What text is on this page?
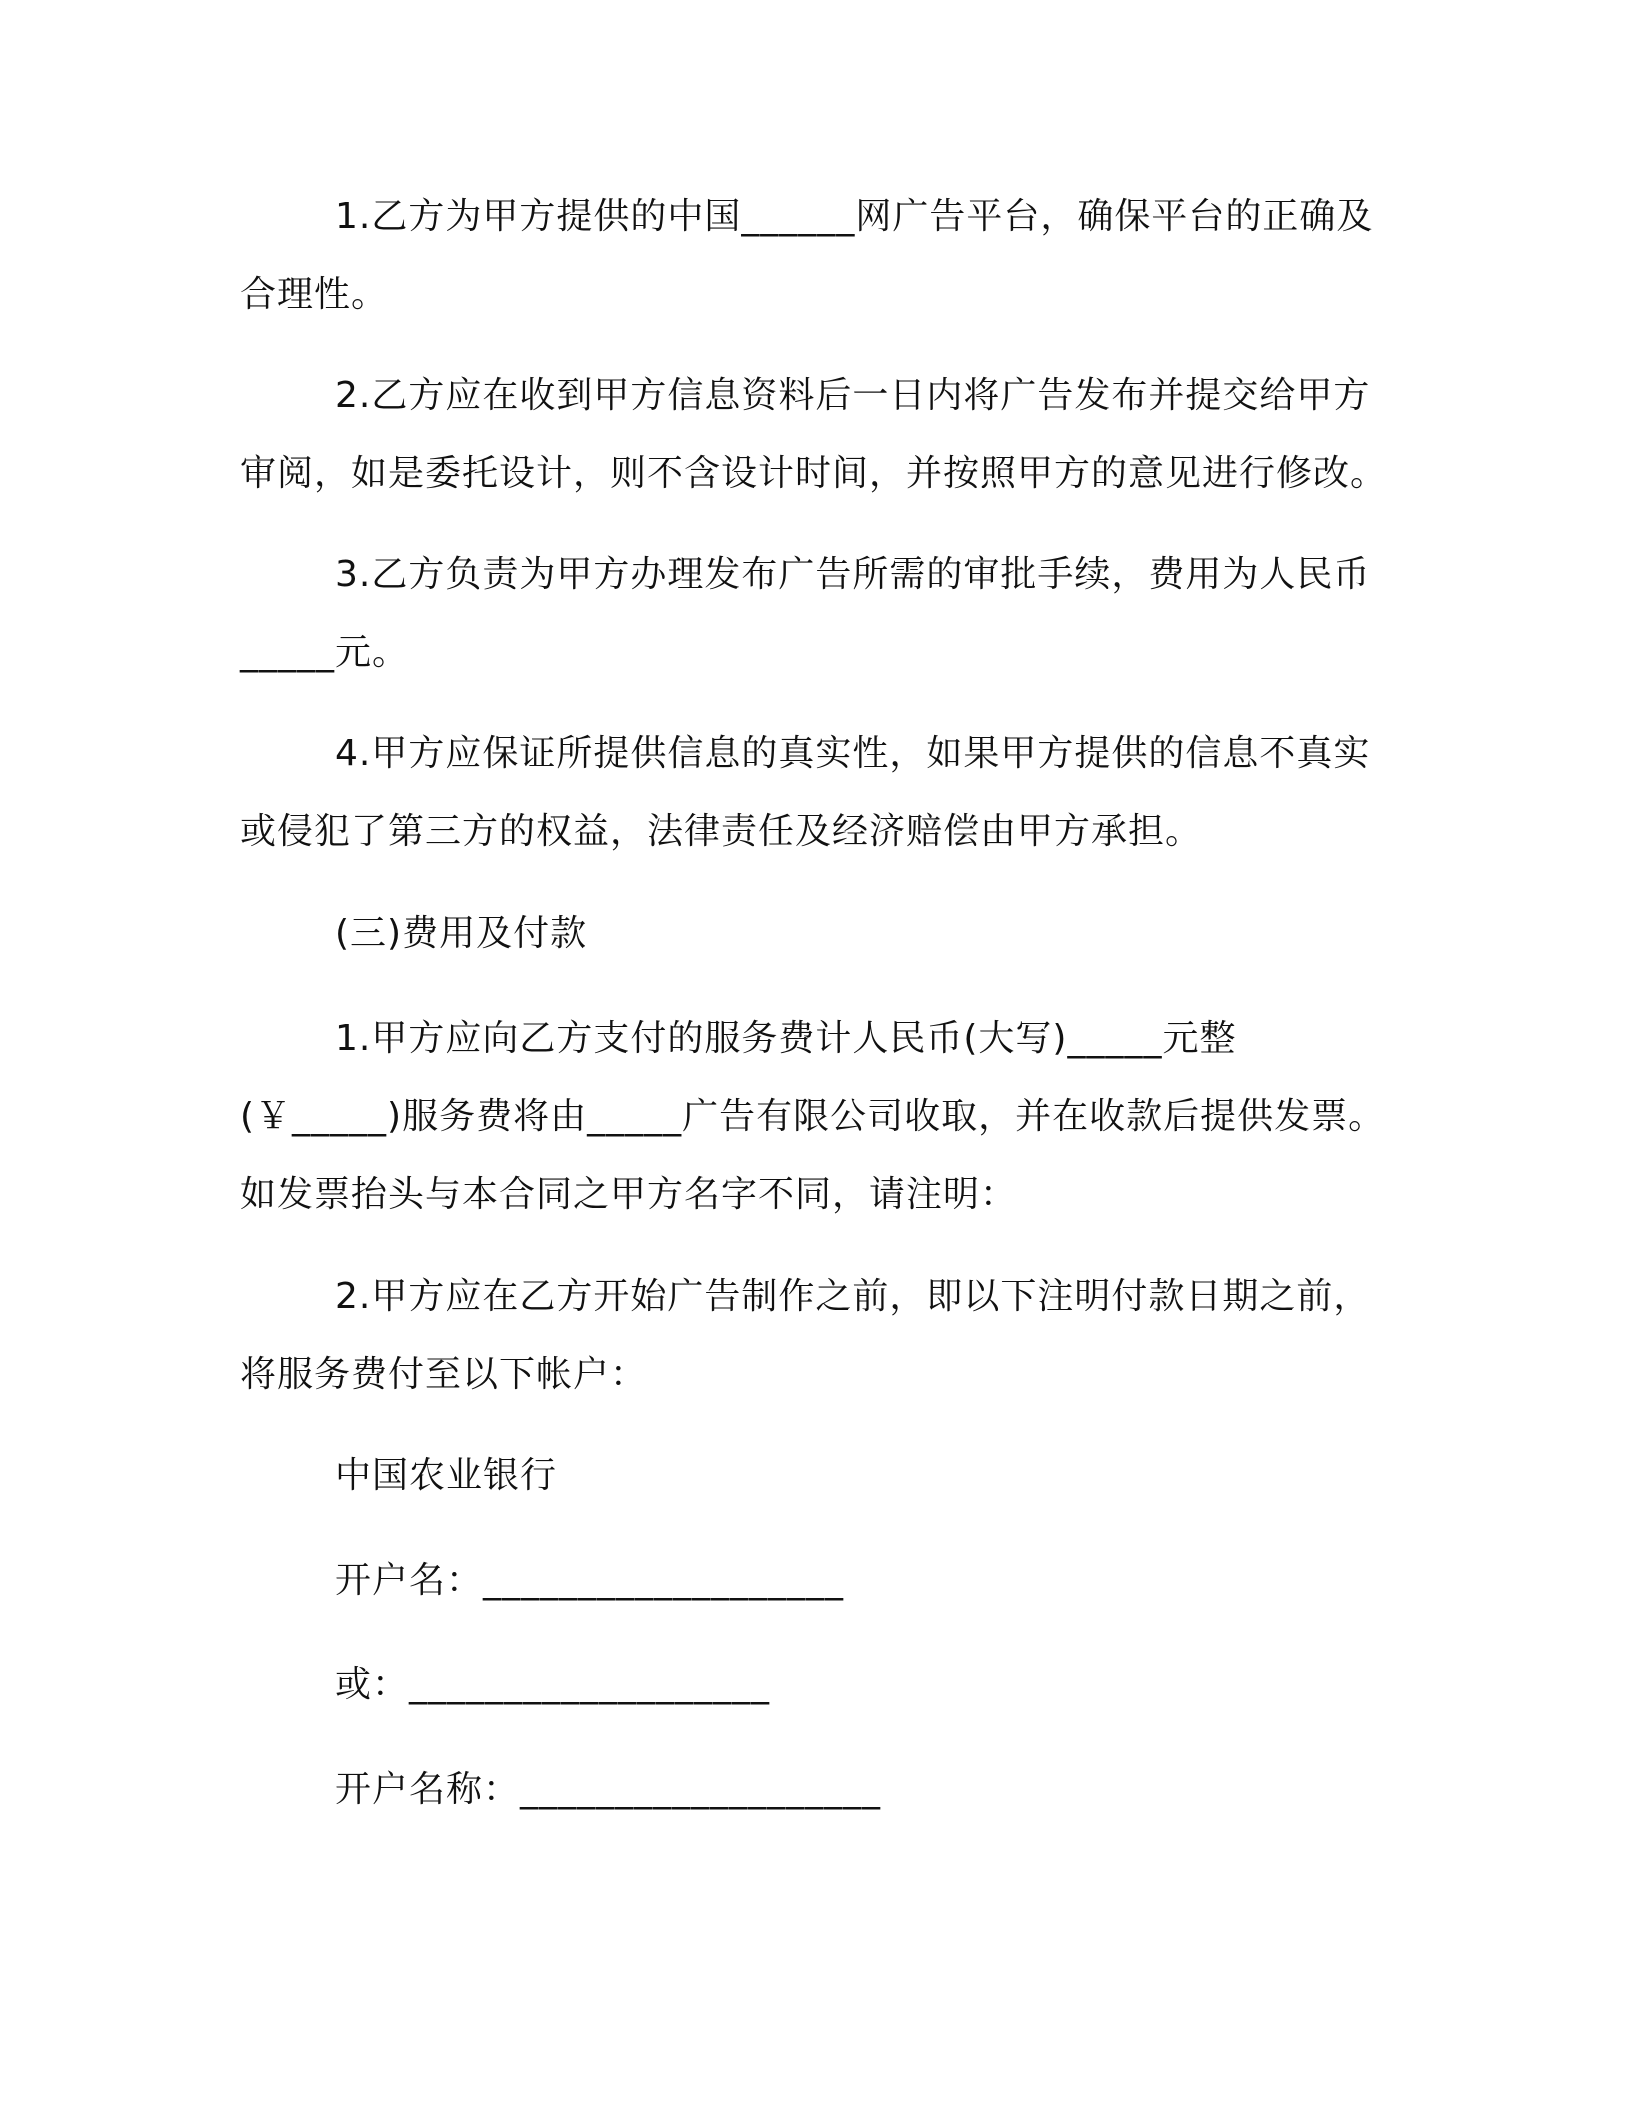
1.乙方为甲方提供的中国______网广告平台，确保平台的正确及
合理性。
2.乙方应在收到甲方信息资料后一日内将广告发布并提交给甲方
审阅，如是委托设计，则不含设计时间，并按照甲方的意见进行修改。
3.乙方负责为甲方办理发布广告所需的审批手续，费用为人民币
_____元。
4.甲方应保证所提供信息的真实性，如果甲方提供的信息不真实
或侵犯了第三方的权益，法律责任及经济赔偿由甲方承担。
(三)费用及付款
1.甲方应向乙方支付的服务费计人民币(大写)_____元整
(￥_____)服务费将由_____广告有限公司收取，并在收款后提供发票。
如发票抬头与本合同之甲方名字不同，请注明：
2.甲方应在乙方开始广告制作之前，即以下注明付款日期之前，
将服务费付至以下帐户：
中国农业银行
开户名：___________________
或：___________________
开户名称：___________________
